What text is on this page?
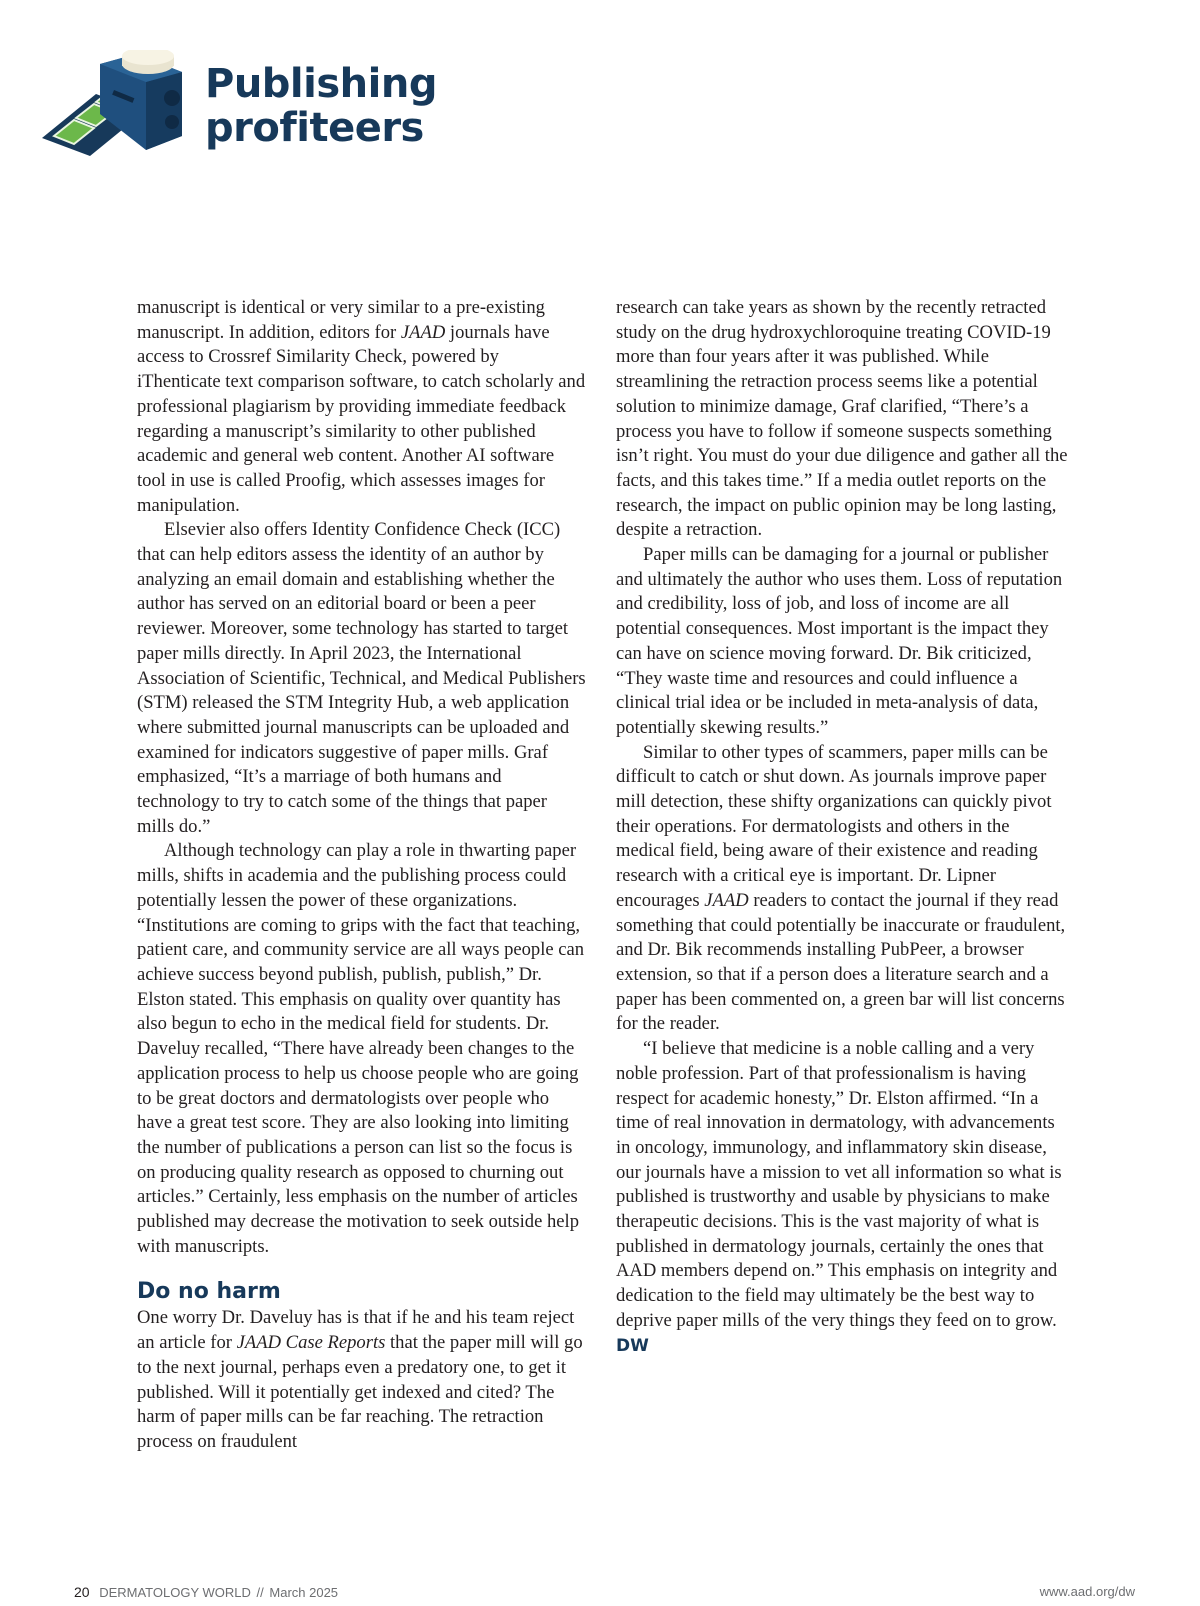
Publishing
profiteers

manuscript is identical or very similar to a pre-existing manuscript. In addition, editors for JAAD journals have access to Crossref Similarity Check, powered by iThenticate text comparison software, to catch scholarly and professional plagiarism by providing immediate feedback regarding a manuscript’s similarity to other published academic and general web content. Another AI software tool in use is called Proofig, which assesses images for manipulation.

Elsevier also offers Identity Confidence Check (ICC) that can help editors assess the identity of an author by analyzing an email domain and establishing whether the author has served on an editorial board or been a peer reviewer. Moreover, some technology has started to target paper mills directly. In April 2023, the International Association of Scientific, Technical, and Medical Publishers (STM) released the STM Integrity Hub, a web application where submitted journal manuscripts can be uploaded and examined for indicators suggestive of paper mills. Graf emphasized, “It’s a marriage of both humans and technology to try to catch some of the things that paper mills do.”

Although technology can play a role in thwarting paper mills, shifts in academia and the publishing process could potentially lessen the power of these organizations. “Institutions are coming to grips with the fact that teaching, patient care, and community service are all ways people can achieve success beyond publish, publish, publish,” Dr. Elston stated. This emphasis on quality over quantity has also begun to echo in the medical field for students. Dr. Daveluy recalled, “There have already been changes to the application process to help us choose people who are going to be great doctors and dermatologists over people who have a great test score. They are also looking into limiting the number of publications a person can list so the focus is on producing quality research as opposed to churning out articles.” Certainly, less emphasis on the number of articles published may decrease the motivation to seek outside help with manuscripts.

Do no harm

One worry Dr. Daveluy has is that if he and his team reject an article for JAAD Case Reports that the paper mill will go to the next journal, perhaps even a predatory one, to get it published. Will it potentially get indexed and cited? The harm of paper mills can be far reaching. The retraction process on fraudulent

research can take years as shown by the recently retracted study on the drug hydroxychloroquine treating COVID-19 more than four years after it was published. While streamlining the retraction process seems like a potential solution to minimize damage, Graf clarified, “There’s a process you have to follow if someone suspects something isn’t right. You must do your due diligence and gather all the facts, and this takes time.” If a media outlet reports on the research, the impact on public opinion may be long lasting, despite a retraction.

Paper mills can be damaging for a journal or publisher and ultimately the author who uses them. Loss of reputation and credibility, loss of job, and loss of income are all potential consequences. Most important is the impact they can have on science moving forward. Dr. Bik criticized, “They waste time and resources and could influence a clinical trial idea or be included in meta-analysis of data, potentially skewing results.”

Similar to other types of scammers, paper mills can be difficult to catch or shut down. As journals improve paper mill detection, these shifty organizations can quickly pivot their operations. For dermatologists and others in the medical field, being aware of their existence and reading research with a critical eye is important. Dr. Lipner encourages JAAD readers to contact the journal if they read something that could potentially be inaccurate or fraudulent, and Dr. Bik recommends installing PubPeer, a browser extension, so that if a person does a literature search and a paper has been commented on, a green bar will list concerns for the reader.

“I believe that medicine is a noble calling and a very noble profession. Part of that professionalism is having respect for academic honesty,” Dr. Elston affirmed. “In a time of real innovation in dermatology, with advancements in oncology, immunology, and inflammatory skin disease, our journals have a mission to vet all information so what is published is trustworthy and usable by physicians to make therapeutic decisions. This is the vast majority of what is published in dermatology journals, certainly the ones that AAD members depend on.” This emphasis on integrity and dedication to the field may ultimately be the best way to deprive paper mills of the very things they feed on to grow. DW

20 DERMATOLOGY WORLD // March 2025	www.aad.org/dw
